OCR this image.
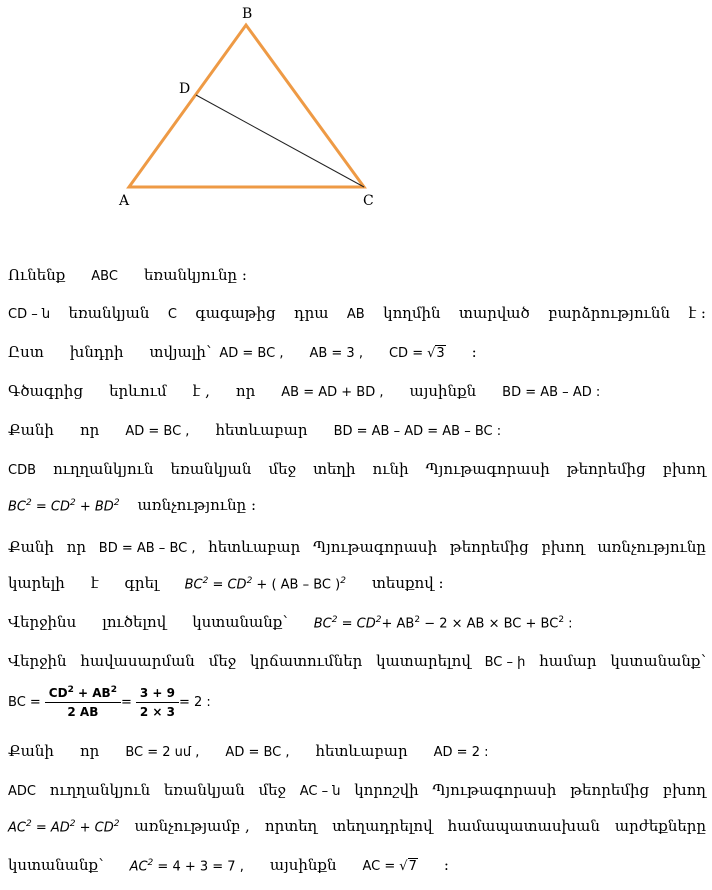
B
D
A	C
Ունենք ABC եռանկյունը :
CD – ն եռանկյան C գագաթից դրա AB կողմին տարված բարձրությունն է :
Ըստ խնդրի տվյալի՝ AD = BC , AB = 3 , CD = √3 :
Գծագրից երևում է , որ AB = AD + BD , այսինքն BD = AB – AD :
Քանի որ AD = BC , հետևաբար BD = AB – AD = AB – BC :
CDB ուղղանկյուն եռանկյան մեջ տեղի ունի Պյութագորասի թեորեմից բխող
$BC^2 = CD^2 + BD^2$ առնչությունը :
Քանի որ BD = AB – BC , հետևաբար Պյութագորասի թեորեմից բխող առնչությունը
կարելի է գրել $BC^2 = CD^2$ + ( AB – BC )$^2$ տեսքով :
Վերջինս լուծելով կստանանք՝ $BC^2 = CD^2 + AB^2 - 2$ × AB × BC + $BC^2$ :
Վերջին հավասարման մեջ կրճատումներ կատարելով BC – ի համար կստանանք՝
BC = $\frac{CD^2 + AB^2}{2 AB} = \frac{3 + 9}{2 \times 3} = 2$ :
Քանի որ BC = 2 սմ , AD = BC , հետևաբար AD = 2 :
ADC ուղղանկյուն եռանկյան մեջ AC – ն կորոշվի Պյութագորասի թեորեմից բխող
$AC^2 = AD^2 + CD^2$ առնչությամբ , որտեղ տեղադրելով համապատասխան արժեքները
կստանանք՝ $AC^2 = 4 + 3 = 7$ , այսինքն AC = √7 :
